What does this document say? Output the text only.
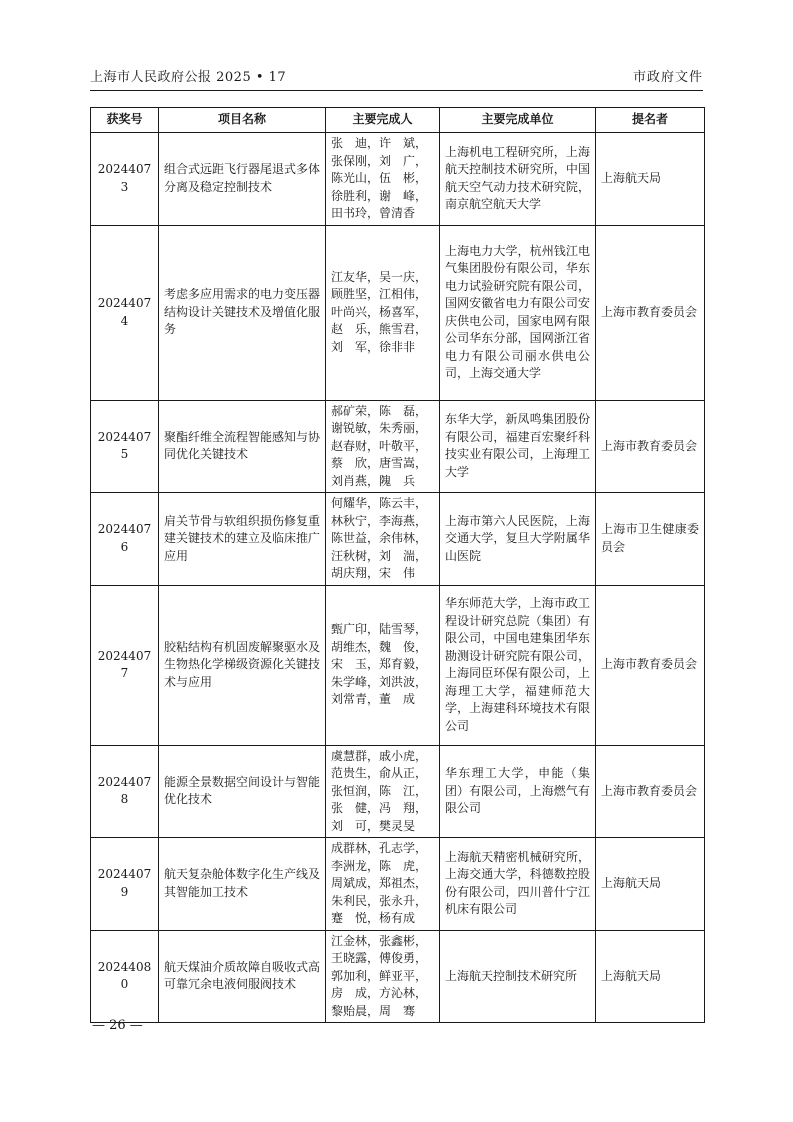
上海市人民政府公报 2025 • 17	市政府文件
获奖号	项目名称	主要完成人	主要完成单位	提名者
20244073	组合式远距飞行器尾退式多体分离及稳定控制技术	张　迪，许　斌，
张保刚，刘　广，
陈光山，伍　彬，
徐胜利，谢　峰，
田书玲，曾清香	上海机电工程研究所，上海航天控制技术研究所，中国航天空气动力技术研究院，南京航空航天大学	上海航天局
20244074	考虑多应用需求的电力变压器结构设计关键技术及增值化服务	江友华，吴一庆，
顾胜坚，江相伟，
叶尚兴，杨喜军，
赵　乐，熊雪君，
刘　军，徐非非	上海电力大学，杭州钱江电气集团股份有限公司，华东电力试验研究院有限公司，国网安徽省电力有限公司安庆供电公司，国家电网有限公司华东分部，国网浙江省电力有限公司丽水供电公司，上海交通大学	上海市教育委员会
20244075	聚酯纤维全流程智能感知与协同优化关键技术	郝矿荣，陈　磊，
谢锐敏，朱秀丽，
赵春财，叶敬平，
蔡　欣，唐雪嵩，
刘肖燕，隗　兵	东华大学，新凤鸣集团股份有限公司，福建百宏聚纤科技实业有限公司，上海理工大学	上海市教育委员会
20244076	肩关节骨与软组织损伤修复重建关键技术的建立及临床推广应用	何耀华，陈云丰，
林秋宁，李海燕，
陈世益，余伟林，
汪秋树，刘　湍，
胡庆翔，宋　伟	上海市第六人民医院，上海交通大学，复旦大学附属华山医院	上海市卫生健康委员会
20244077	胶粘结构有机固废解聚驱水及生物热化学梯级资源化关键技术与应用	甄广印，陆雪琴，
胡维杰，魏　俊，
宋　玉，郑育毅，
朱学峰，刘洪波，
刘常青，董　成	华东师范大学，上海市政工程设计研究总院（集团）有限公司，中国电建集团华东勘测设计研究院有限公司，上海同臣环保有限公司，上海理工大学，福建师范大学，上海建科环境技术有限公司	上海市教育委员会
20244078	能源全景数据空间设计与智能优化技术	虞慧群，戚小虎，
范贵生，俞从正，
张恒润，陈　江，
张　健，冯　翔，
刘　可，樊灵旻	华东理工大学，申能（集团）有限公司，上海燃气有限公司	上海市教育委员会
20244079	航天复杂舱体数字化生产线及其智能加工技术	成群林，孔志学，
李洲龙，陈　虎，
周斌成，郑祖杰，
朱利民，张永升，
蹇　悦，杨有成	上海航天精密机械研究所，上海交通大学，科德数控股份有限公司，四川普什宁江机床有限公司	上海航天局
20244080	航天煤油介质故障自吸收式高可靠冗余电液伺服阀技术	江金林，张鑫彬，
王晓露，傅俊勇，
郭加利，鲜亚平，
房　成，方沁林，
黎贻晨，周　骞	上海航天控制技术研究所	上海航天局
— 26 —
